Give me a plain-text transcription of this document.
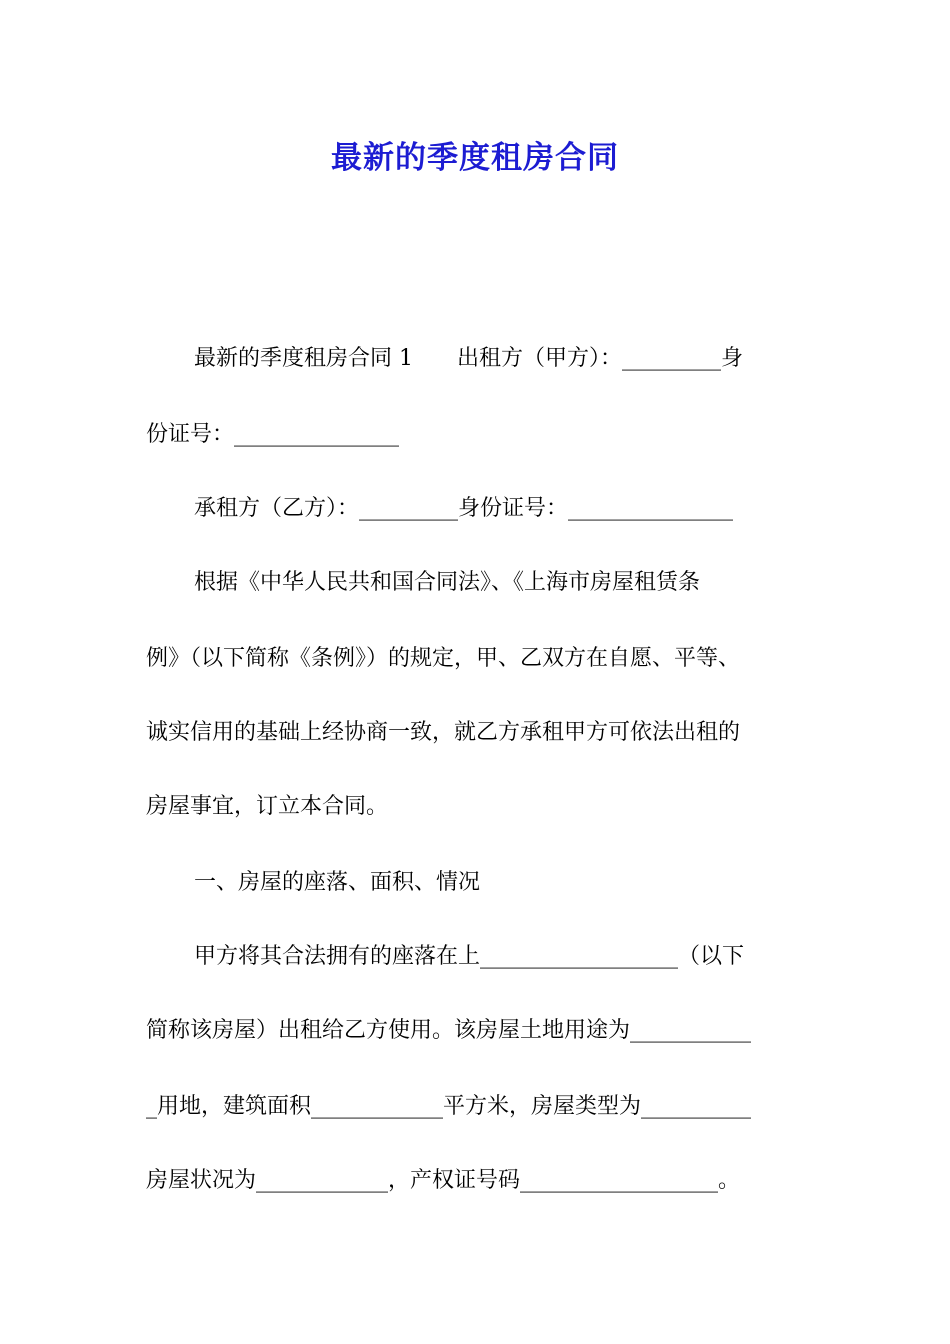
最新的季度租房合同

最新的季度租房合同 1　　出租方（甲方）：_________身

份证号：_______________

承租方（乙方）：_________身份证号：_______________

根据《中华人民共和国合同法》、《上海市房屋租赁条

例》（以下简称《条例》）的规定，甲、乙双方在自愿、平等、

诚实信用的基础上经协商一致，就乙方承租甲方可依法出租的

房屋事宜，订立本合同。

一、房屋的座落、面积、情况

甲方将其合法拥有的座落在上__________________（以下

简称该房屋）出租给乙方使用。该房屋土地用途为___________

_用地，建筑面积____________平方米，房屋类型为__________

房屋状况为____________，产权证号码__________________。
